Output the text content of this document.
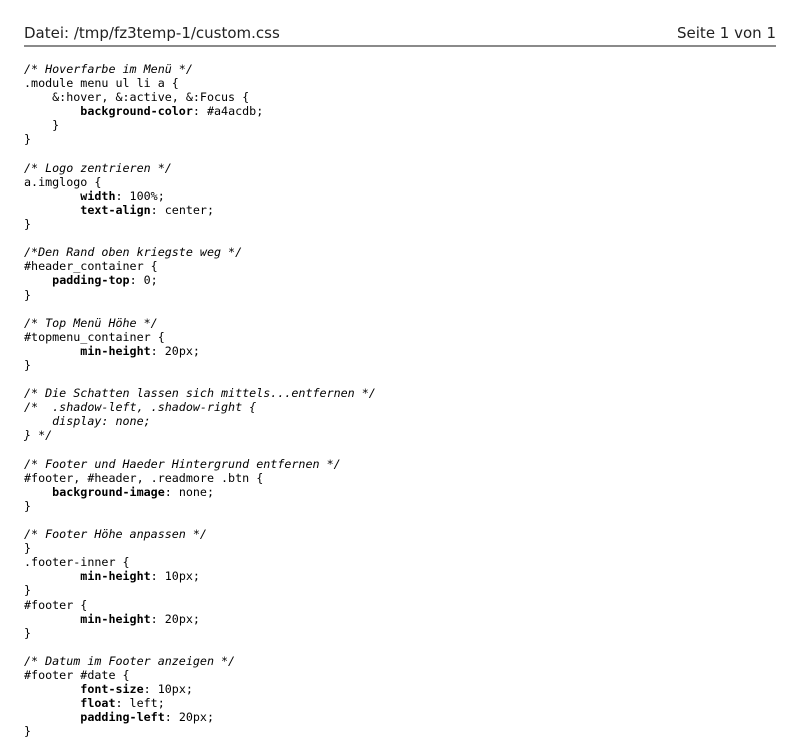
Datei: /tmp/fz3temp-1/custom.css	Seite 1 von 1
/* Hoverfarbe im Menü */
.module menu ul li a {
&:hover, &:active, &:Focus {
background-color: #a4acdb;
}
}
/* Logo zentrieren */
a.imglogo {
width: 100%;
text-align: center;
}
/*Den Rand oben kriegste weg */
#header_container {
padding-top: 0;
}
/* Top Menü Höhe */
#topmenu_container {
min-height: 20px;
}
/* Die Schatten lassen sich mittels...entfernen */
/*  .shadow-left, .shadow-right {
display: none;
} */
/* Footer und Haeder Hintergrund entfernen */
#footer, #header, .readmore .btn {
background-image: none;
}
/* Footer Höhe anpassen */
}
.footer-inner {
min-height: 10px;
}
#footer {
min-height: 20px;
}
/* Datum im Footer anzeigen */
#footer #date {
font-size: 10px;
float: left;
padding-left: 20px;
}
